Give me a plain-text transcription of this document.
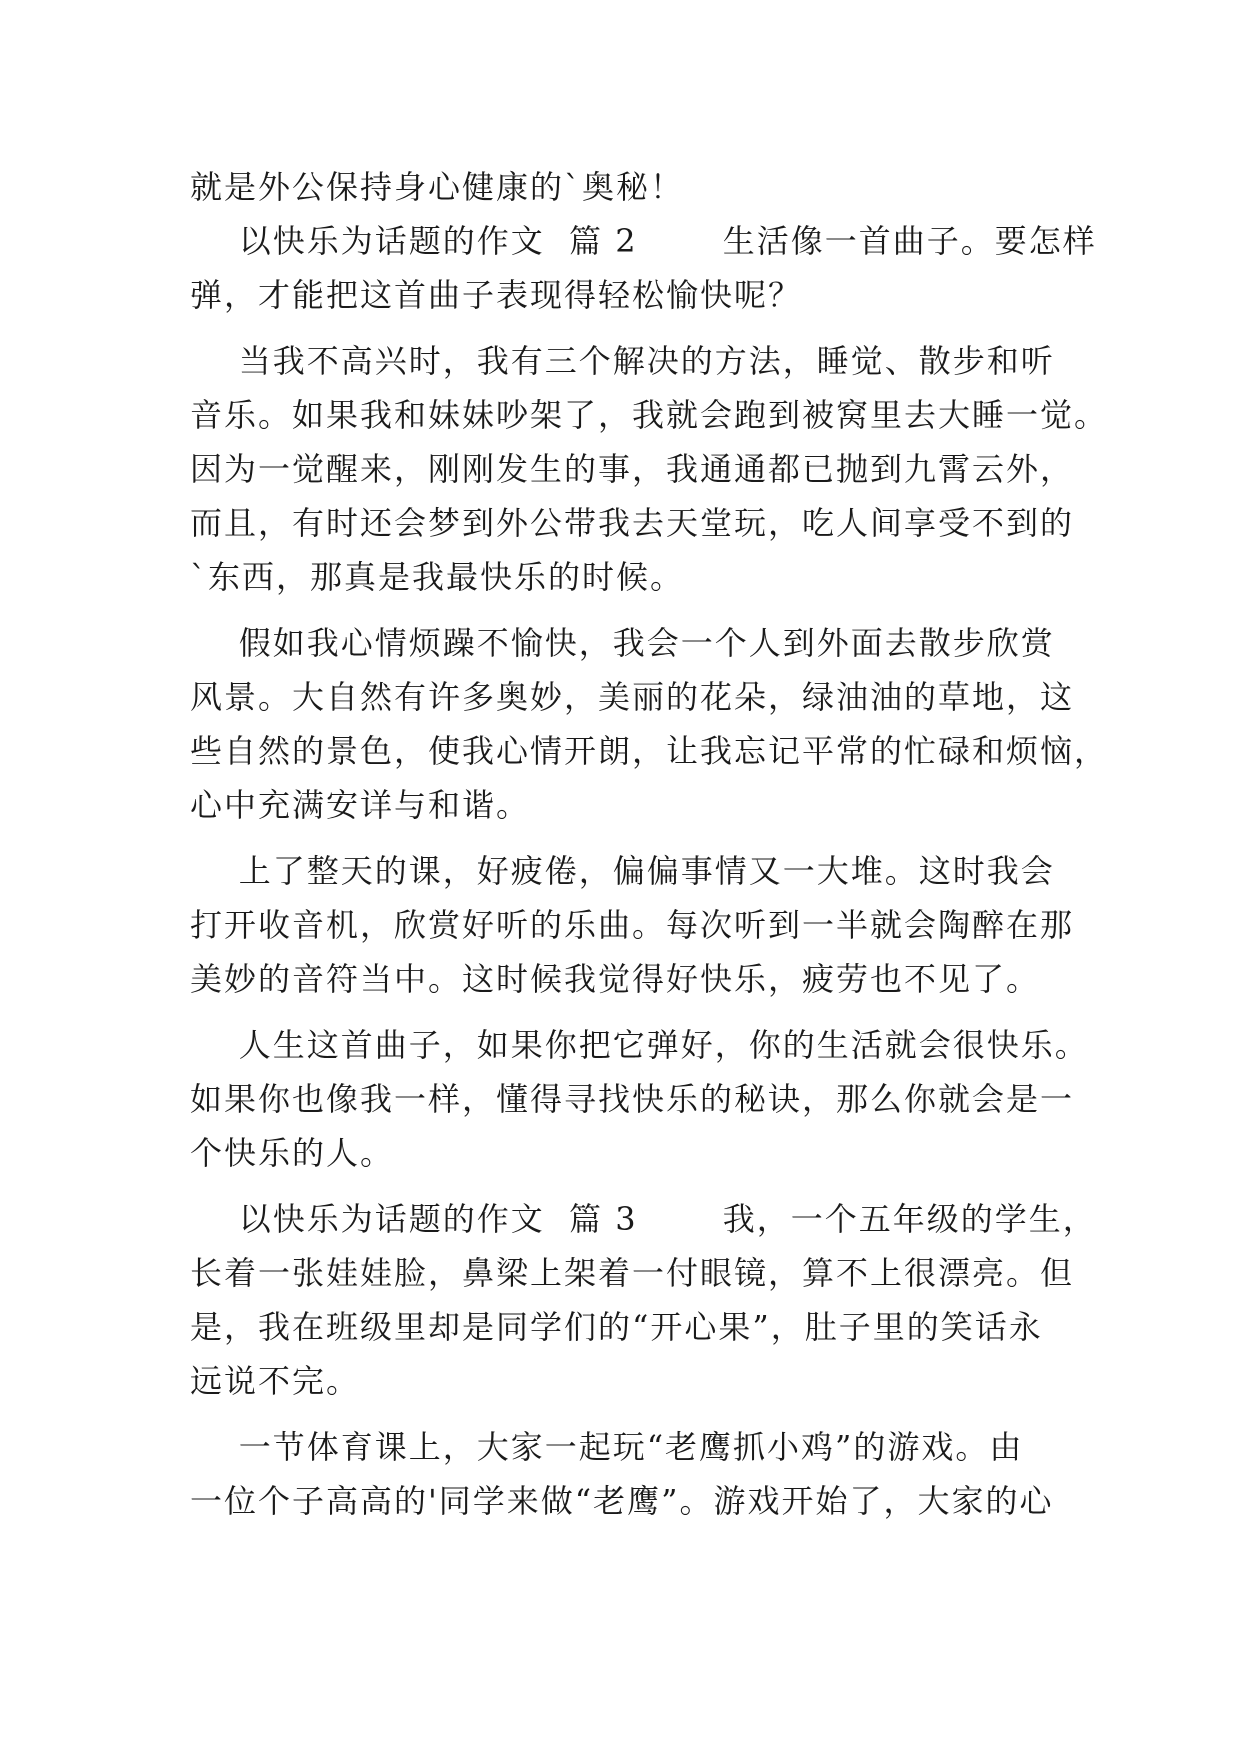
就是外公保持身心健康的`奥秘！
以快乐为话题的作文  篇 2       生活像一首曲子。要怎样
弹，才能把这首曲子表现得轻松愉快呢？
当我不高兴时，我有三个解决的方法，睡觉、散步和听
音乐。如果我和妹妹吵架了，我就会跑到被窝里去大睡一觉。
因为一觉醒来，刚刚发生的事，我通通都已抛到九霄云外，
而且，有时还会梦到外公带我去天堂玩，吃人间享受不到的
`东西，那真是我最快乐的时候。
假如我心情烦躁不愉快，我会一个人到外面去散步欣赏
风景。大自然有许多奥妙，美丽的花朵，绿油油的草地，这
些自然的景色，使我心情开朗，让我忘记平常的忙碌和烦恼，
心中充满安详与和谐。
上了整天的课，好疲倦，偏偏事情又一大堆。这时我会
打开收音机，欣赏好听的乐曲。每次听到一半就会陶醉在那
美妙的音符当中。这时候我觉得好快乐，疲劳也不见了。
人生这首曲子，如果你把它弹好，你的生活就会很快乐。
如果你也像我一样，懂得寻找快乐的秘诀，那么你就会是一
个快乐的人。
以快乐为话题的作文  篇 3       我，一个五年级的学生，
长着一张娃娃脸，鼻梁上架着一付眼镜，算不上很漂亮。但
是，我在班级里却是同学们的“开心果”，肚子里的笑话永
远说不完。
一节体育课上，大家一起玩“老鹰抓小鸡”的游戏。由
一位个子高高的'同学来做“老鹰”。游戏开始了，大家的心
